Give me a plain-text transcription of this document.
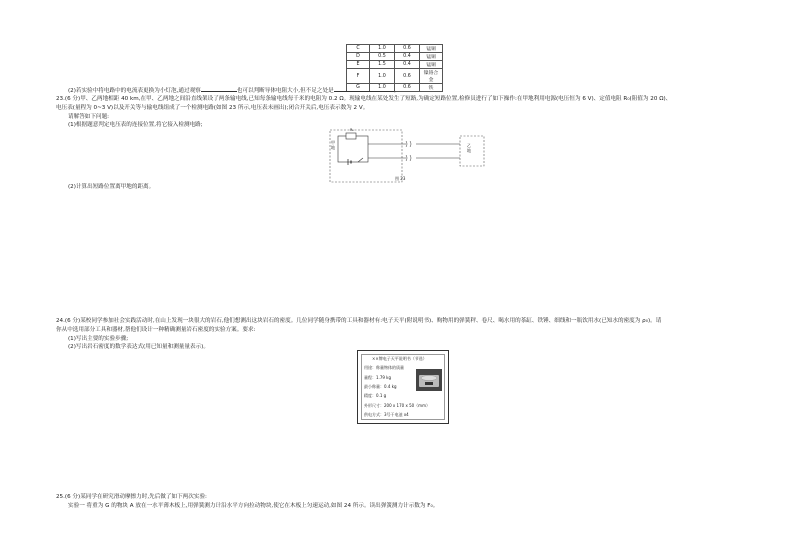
C	1.0	0.6	锰铜
D	0.5	0.4	锰铜
E	1.5	0.4	锰铜
F	1.0	0.6	镍铬合金
G	1.0	0.6	铁
(2)若实验中将电路中的电流表更换为小灯泡,通过观察	也可以判断导体电阻大小,但不足之处是	。
23.(6 分)甲、乙两地相距 40 km,在甲、乙两地之间沿直线架设了两条输电线,已知每条输电线每千米的电阻为 0.2 Ω。现输电线在某处发生了短路,为确定短路位置,检修员进行了如下操作:在甲地利用电源(电压恒为 6 V)、定值电阻 R₀(阻值为 20 Ω)、
电压表(量程为 0~3 V)以及开关等与输电线组成了一个检测电路(如图 23 所示,电压表未画出);闭合开关后,电压表示数为 2 V。
请解答如下问题:
(1)根据题意判定电压表的连接位置,将它接入检测电路;
甲
地	乙
地
R₀
图 23
(2)计算出短路位置离甲地的距离。
24.(6 分)某校同学参加社会实践活动时,在山上发现一块很大的岩石,他们想测出这块岩石的密度。几位同学随身携带的工具和器材有:电子天平(附说明书)、购物用的弹簧秤、卷尺、喝水用的茶缸、铁锤、细线和一瓶饮用水(已知水的密度为 ρ₀)。请
你从中选用部分工具和器材,帮他们设计一种精确测量岩石密度的实验方案。要求:
(1)写出主要的实验步骤;
(2)写出岩石密度的数学表达式(用已知量和测量量表示)。
××牌电子天平说明书（节选）
用途：称量物体的质量
量程：1.79 kg
最小称量：0.4 kg
精度：0.1 g
外形尺寸：200 x 170 x 50（mm）
供电方式：3号干电池 x4
25.(6 分)某同学在研究滑动摩擦力时,先后做了如下两次实验:
实验一 将重为 G 的物块 A 放在一水平薄木板上,用弹簧测力计沿水平方向拉动物块,使它在木板上匀速运动,如图 24 所示。读出弹簧测力计示数为 F₀。
